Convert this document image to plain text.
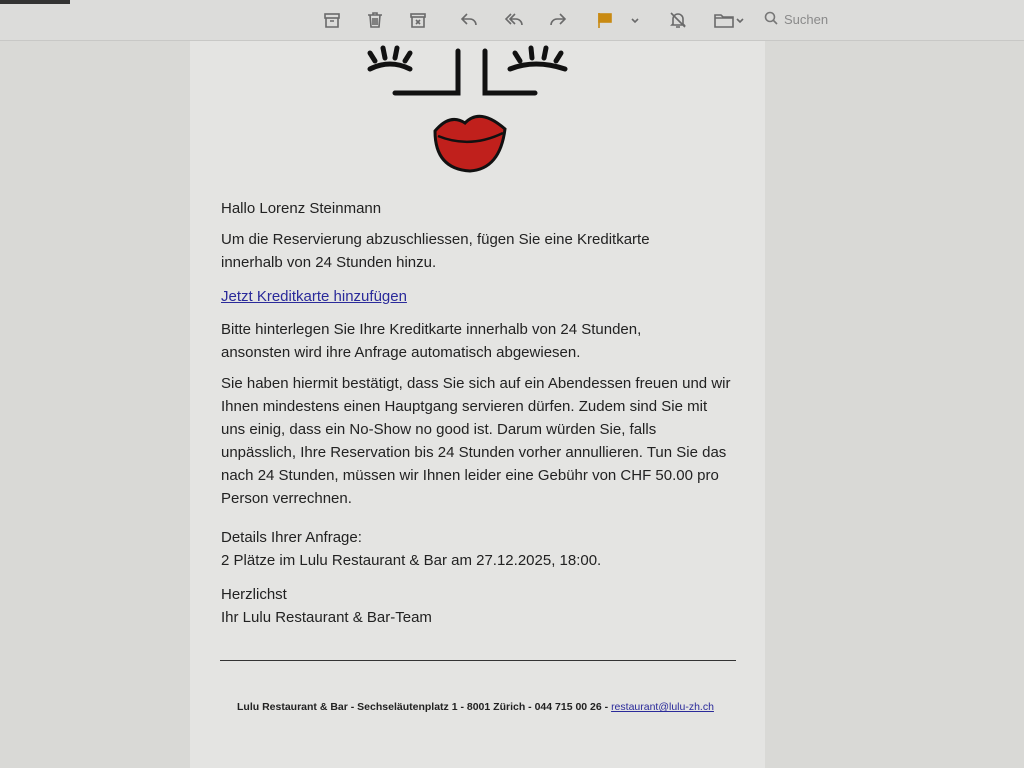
Suchen
Hallo Lorenz Steinmann
Um die Reservierung abzuschliessen, fügen Sie eine Kreditkarte innerhalb von 24 Stunden hinzu.
Jetzt Kreditkarte hinzufügen
Bitte hinterlegen Sie Ihre Kreditkarte innerhalb von 24 Stunden, ansonsten wird ihre Anfrage automatisch abgewiesen.
Sie haben hiermit bestätigt, dass Sie sich auf ein Abendessen freuen und wir Ihnen mindestens einen Hauptgang servieren dürfen. Zudem sind Sie mit uns einig, dass ein No-Show no good ist. Darum würden Sie, falls unpässlich, Ihre Reservation bis 24 Stunden vorher annullieren. Tun Sie das nach 24 Stunden, müssen wir Ihnen leider eine Gebühr von CHF 50.00 pro Person verrechnen.
Details Ihrer Anfrage:
2 Plätze im Lulu Restaurant & Bar am 27.12.2025, 18:00.
Herzlichst
Ihr Lulu Restaurant & Bar-Team
Lulu Restaurant & Bar - Sechseläutenplatz 1 - 8001 Zürich - 044 715 00 26 - restaurant@lulu-zh.ch
